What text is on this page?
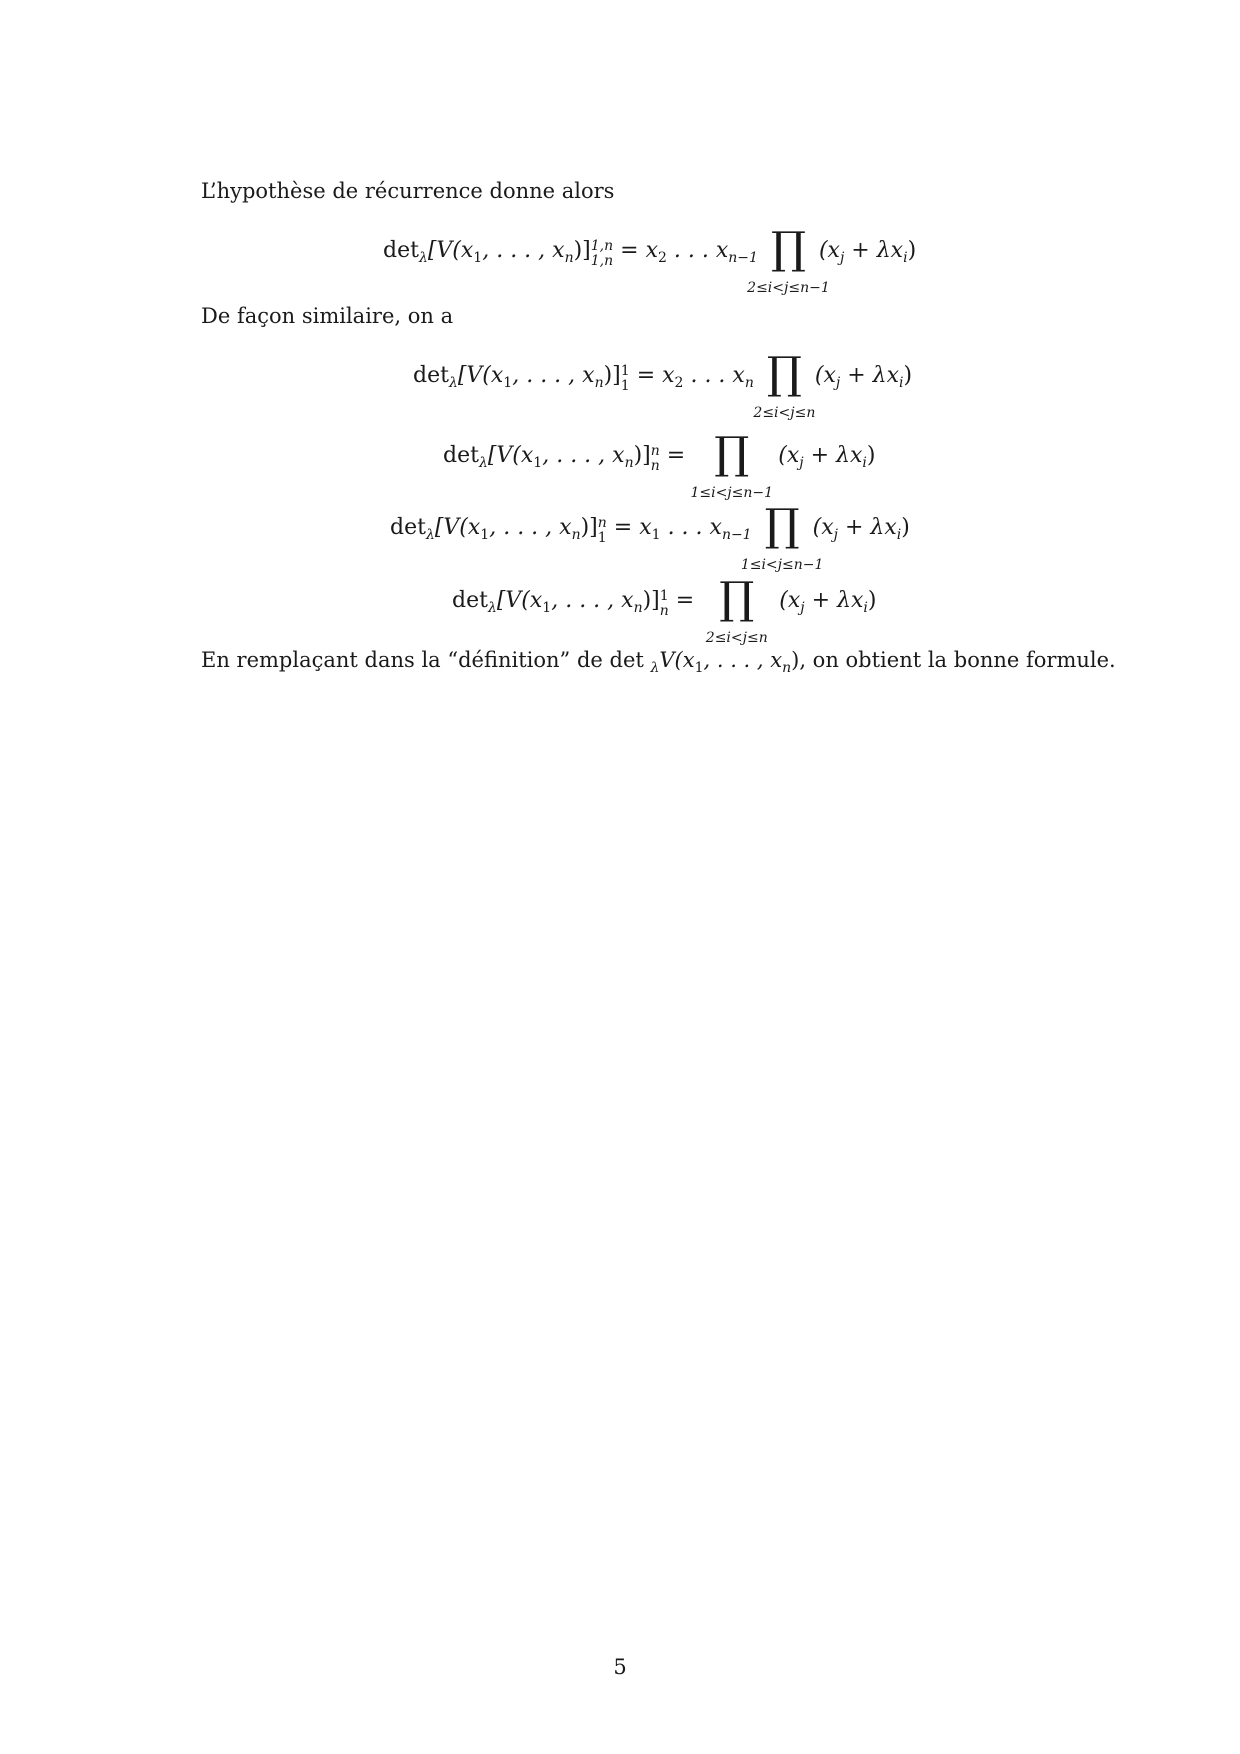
L’hypothèse de récurrence donne alors
$\det_\lambda[V(x_1$, . . . , $x_n$)] 1,n
$1,n = x_2$ . . . $x_{n-1}$ ∏
2≤i<j≤n−1
$(x_j + \lambda x_i)$
De façon similaire, on a
$\det_\lambda[V(x_1$, . . . , $x_n$)] 1
$1 = x_2$ . . . $x_n$ ∏
2≤i<j≤n
$(x_j + \lambda x_i)$
$\det_\lambda[V(x_1$, . . . , $x_n$)] n
n = ∏
1≤i<j≤n−1
$(x_j + \lambda x_i)$
$\det_\lambda[V(x_1$, . . . , $x_n$)] n
$1 = x_1$ . . . $x_{n-1}$ ∏
1≤i<j≤n−1
$(x_j + \lambda x_i)$
$\det_\lambda[V(x_1$, . . . , $x_n$)] 1
n = ∏
2≤i<j≤n
$(x_j + \lambda x_i)$
En remplaçant dans la “définition” de $\det _\lambda V(x_1$, . . . , $x_n$), on obtient la bonne formule.
5
